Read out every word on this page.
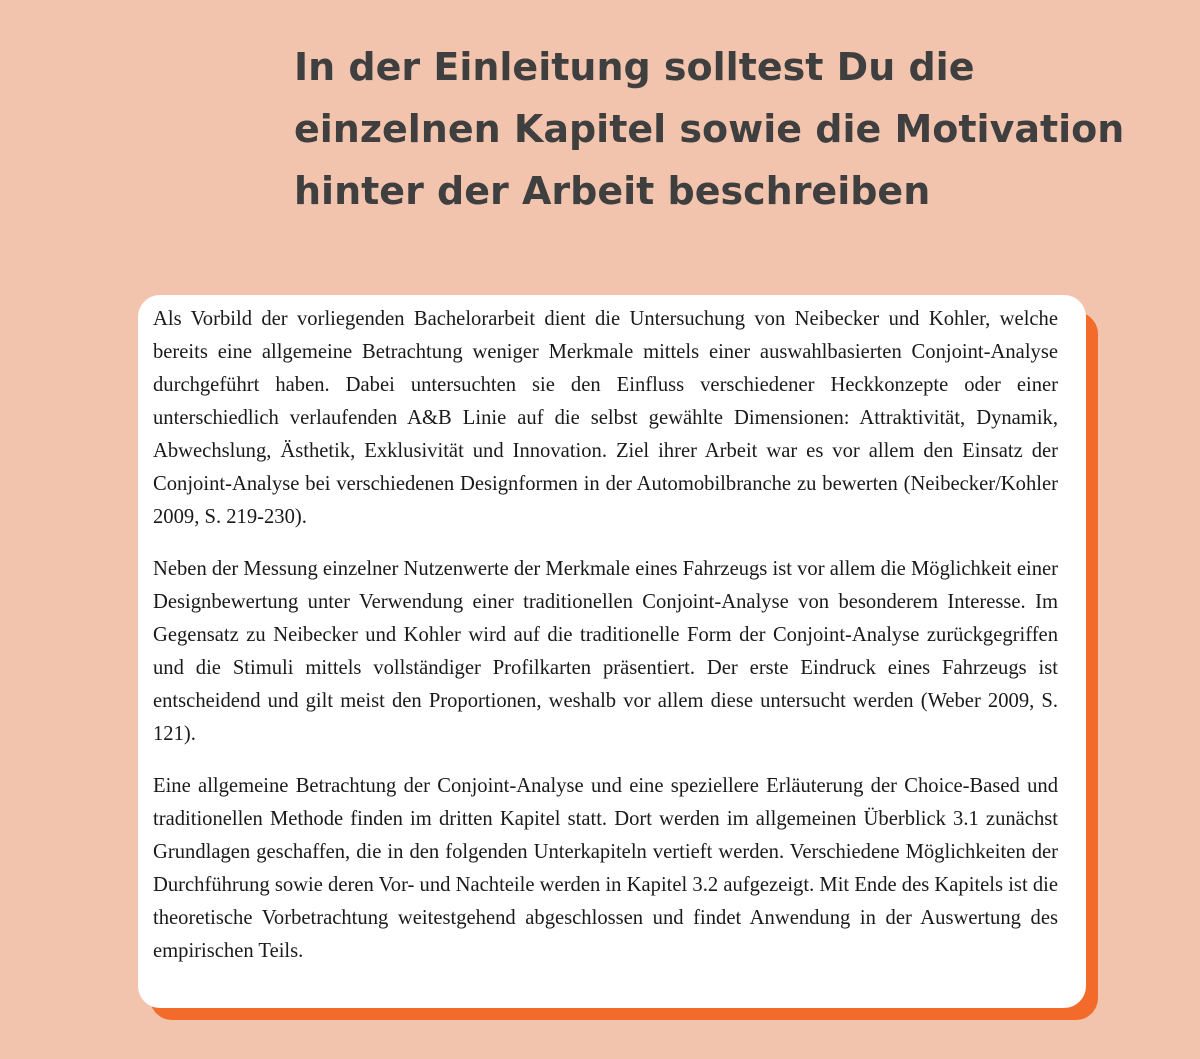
In der Einleitung solltest Du die
einzelnen Kapitel sowie die Motivation
hinter der Arbeit beschreiben

Als Vorbild der vorliegenden Bachelorarbeit dient die Untersuchung von Neibecker und Kohler, welche bereits eine allgemeine Betrachtung weniger Merkmale mittels einer auswahlbasierten Conjoint-Analyse durchgeführt haben. Dabei untersuchten sie den Einfluss verschiedener Heckkonzepte oder einer unterschiedlich verlaufenden A&B Linie auf die selbst gewählte Dimensionen: Attraktivität, Dynamik, Abwechslung, Ästhetik, Exklusivität und Innovation. Ziel ihrer Arbeit war es vor allem den Einsatz der Conjoint-Analyse bei verschiedenen Designformen in der Automobilbranche zu bewerten (Neibecker/Kohler 2009, S. 219-230).

Neben der Messung einzelner Nutzenwerte der Merkmale eines Fahrzeugs ist vor allem die Möglichkeit einer Designbewertung unter Verwendung einer traditionellen Conjoint-Analyse von besonderem Interesse. Im Gegensatz zu Neibecker und Kohler wird auf die traditionelle Form der Conjoint-Analyse zurückgegriffen und die Stimuli mittels vollständiger Profilkarten präsentiert. Der erste Eindruck eines Fahrzeugs ist entscheidend und gilt meist den Proportionen, weshalb vor allem diese untersucht werden (Weber 2009, S. 121).

Eine allgemeine Betrachtung der Conjoint-Analyse und eine speziellere Erläuterung der Choice-Based und traditionellen Methode finden im dritten Kapitel statt. Dort werden im allgemeinen Überblick 3.1 zunächst Grundlagen geschaffen, die in den folgenden Unterkapiteln vertieft werden. Verschiedene Möglichkeiten der Durchführung sowie deren Vor- und Nachteile werden in Kapitel 3.2 aufgezeigt. Mit Ende des Kapitels ist die theoretische Vorbetrachtung weitestgehend abgeschlossen und findet Anwendung in der Auswertung des empirischen Teils.
